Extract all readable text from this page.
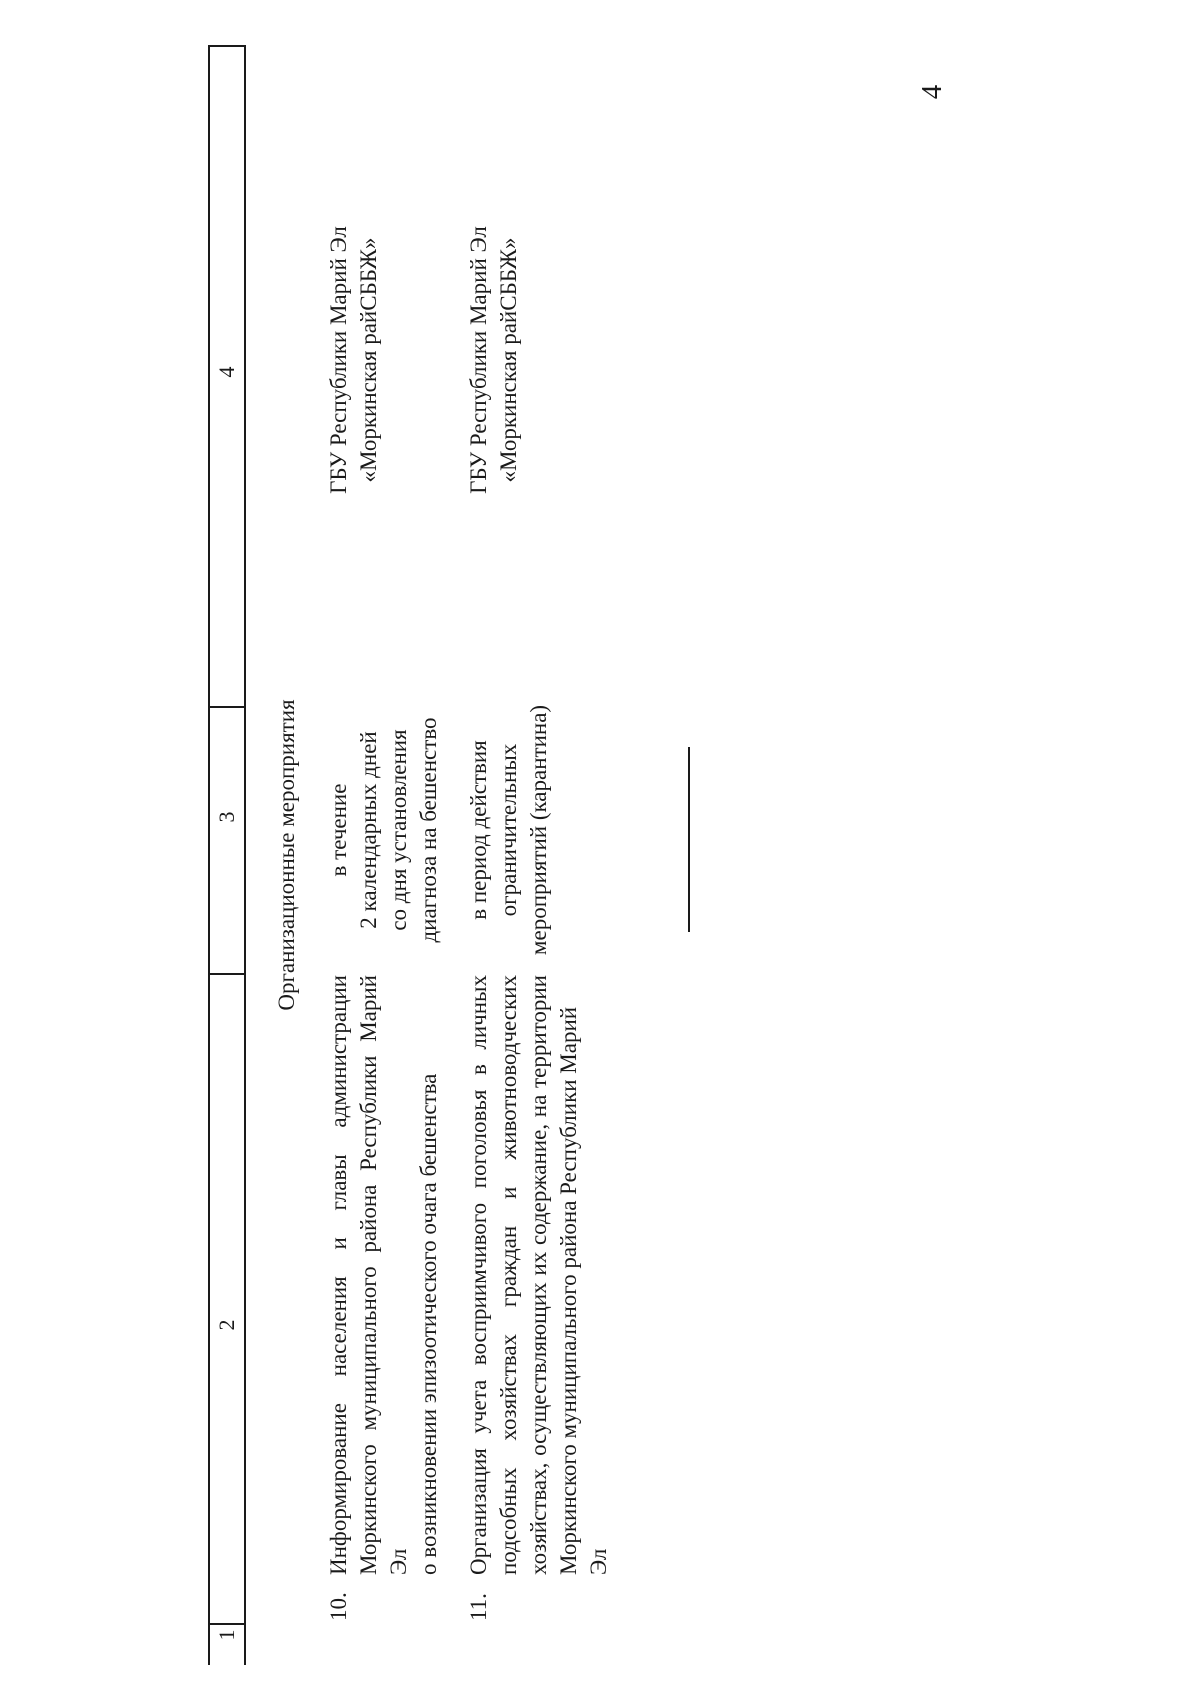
4
1
2
3
4
Организационные мероприятия
10.
Информирование населения и главы администрации Моркинского муниципального района Республики Марий Эл о возникновении эпизоотического очага бешенства
в течение 2 календарных дней со дня установления диагноза на бешенство
ГБУ Республики Марий Эл «Моркинская райСББЖ»
11.
Организация учета восприимчивого поголовья в личных подсобных хозяйствах граждан и животноводческих хозяйствах, осуществляющих их содержание, на территории Моркинского муниципального района Республики Марий Эл
в период действия ограничительных мероприятий (карантина)
ГБУ Республики Марий Эл «Моркинская райСББЖ»
